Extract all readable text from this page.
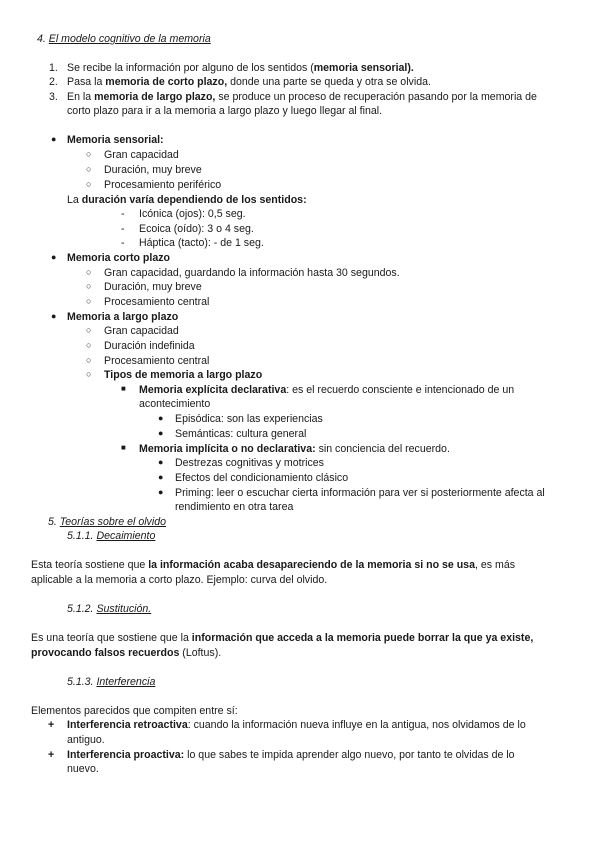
4. El modelo cognitivo de la memoria
1. Se recibe la información por alguno de los sentidos (memoria sensorial).
2. Pasa la memoria de corto plazo, donde una parte se queda y otra se olvida.
3. En la memoria de largo plazo, se produce un proceso de recuperación pasando por la memoria de
corto plazo para ir a la memoria a largo plazo y luego llegar al final.
● Memoria sensorial:
○ Gran capacidad
○ Duración, muy breve
○ Procesamiento periférico
La duración varía dependiendo de los sentidos:
- Icónica (ojos): 0,5 seg.
- Ecoica (oído): 3 o 4 seg.
- Háptica (tacto): - de 1 seg.
● Memoria corto plazo
○ Gran capacidad, guardando la información hasta 30 segundos.
○ Duración, muy breve
○ Procesamiento central
● Memoria a largo plazo
○ Gran capacidad
○ Duración indefinida
○ Procesamiento central
○ Tipos de memoria a largo plazo
■ Memoria explícita declarativa: es el recuerdo consciente e intencionado de un
acontecimiento
● Episódica: son las experiencias
● Semánticas: cultura general
■ Memoria implícita o no declarativa: sin conciencia del recuerdo.
● Destrezas cognitivas y motrices
● Efectos del condicionamiento clásico
● Priming: leer o escuchar cierta información para ver si posteriormente afecta al
rendimiento en otra tarea
5. Teorías sobre el olvido
5.1.1. Decaimiento
Esta teoría sostiene que la información acaba desapareciendo de la memoria si no se usa, es más
aplicable a la memoria a corto plazo. Ejemplo: curva del olvido.
5.1.2. Sustitución.
Es una teoría que sostiene que la información que acceda a la memoria puede borrar la que ya existe,
provocando falsos recuerdos (Loftus).
5.1.3. Interferencia
Elementos parecidos que compiten entre sí:
+ Interferencia retroactiva: cuando la información nueva influye en la antigua, nos olvidamos de lo
antiguo.
+ Interferencia proactiva: lo que sabes te impida aprender algo nuevo, por tanto te olvidas de lo
nuevo.
